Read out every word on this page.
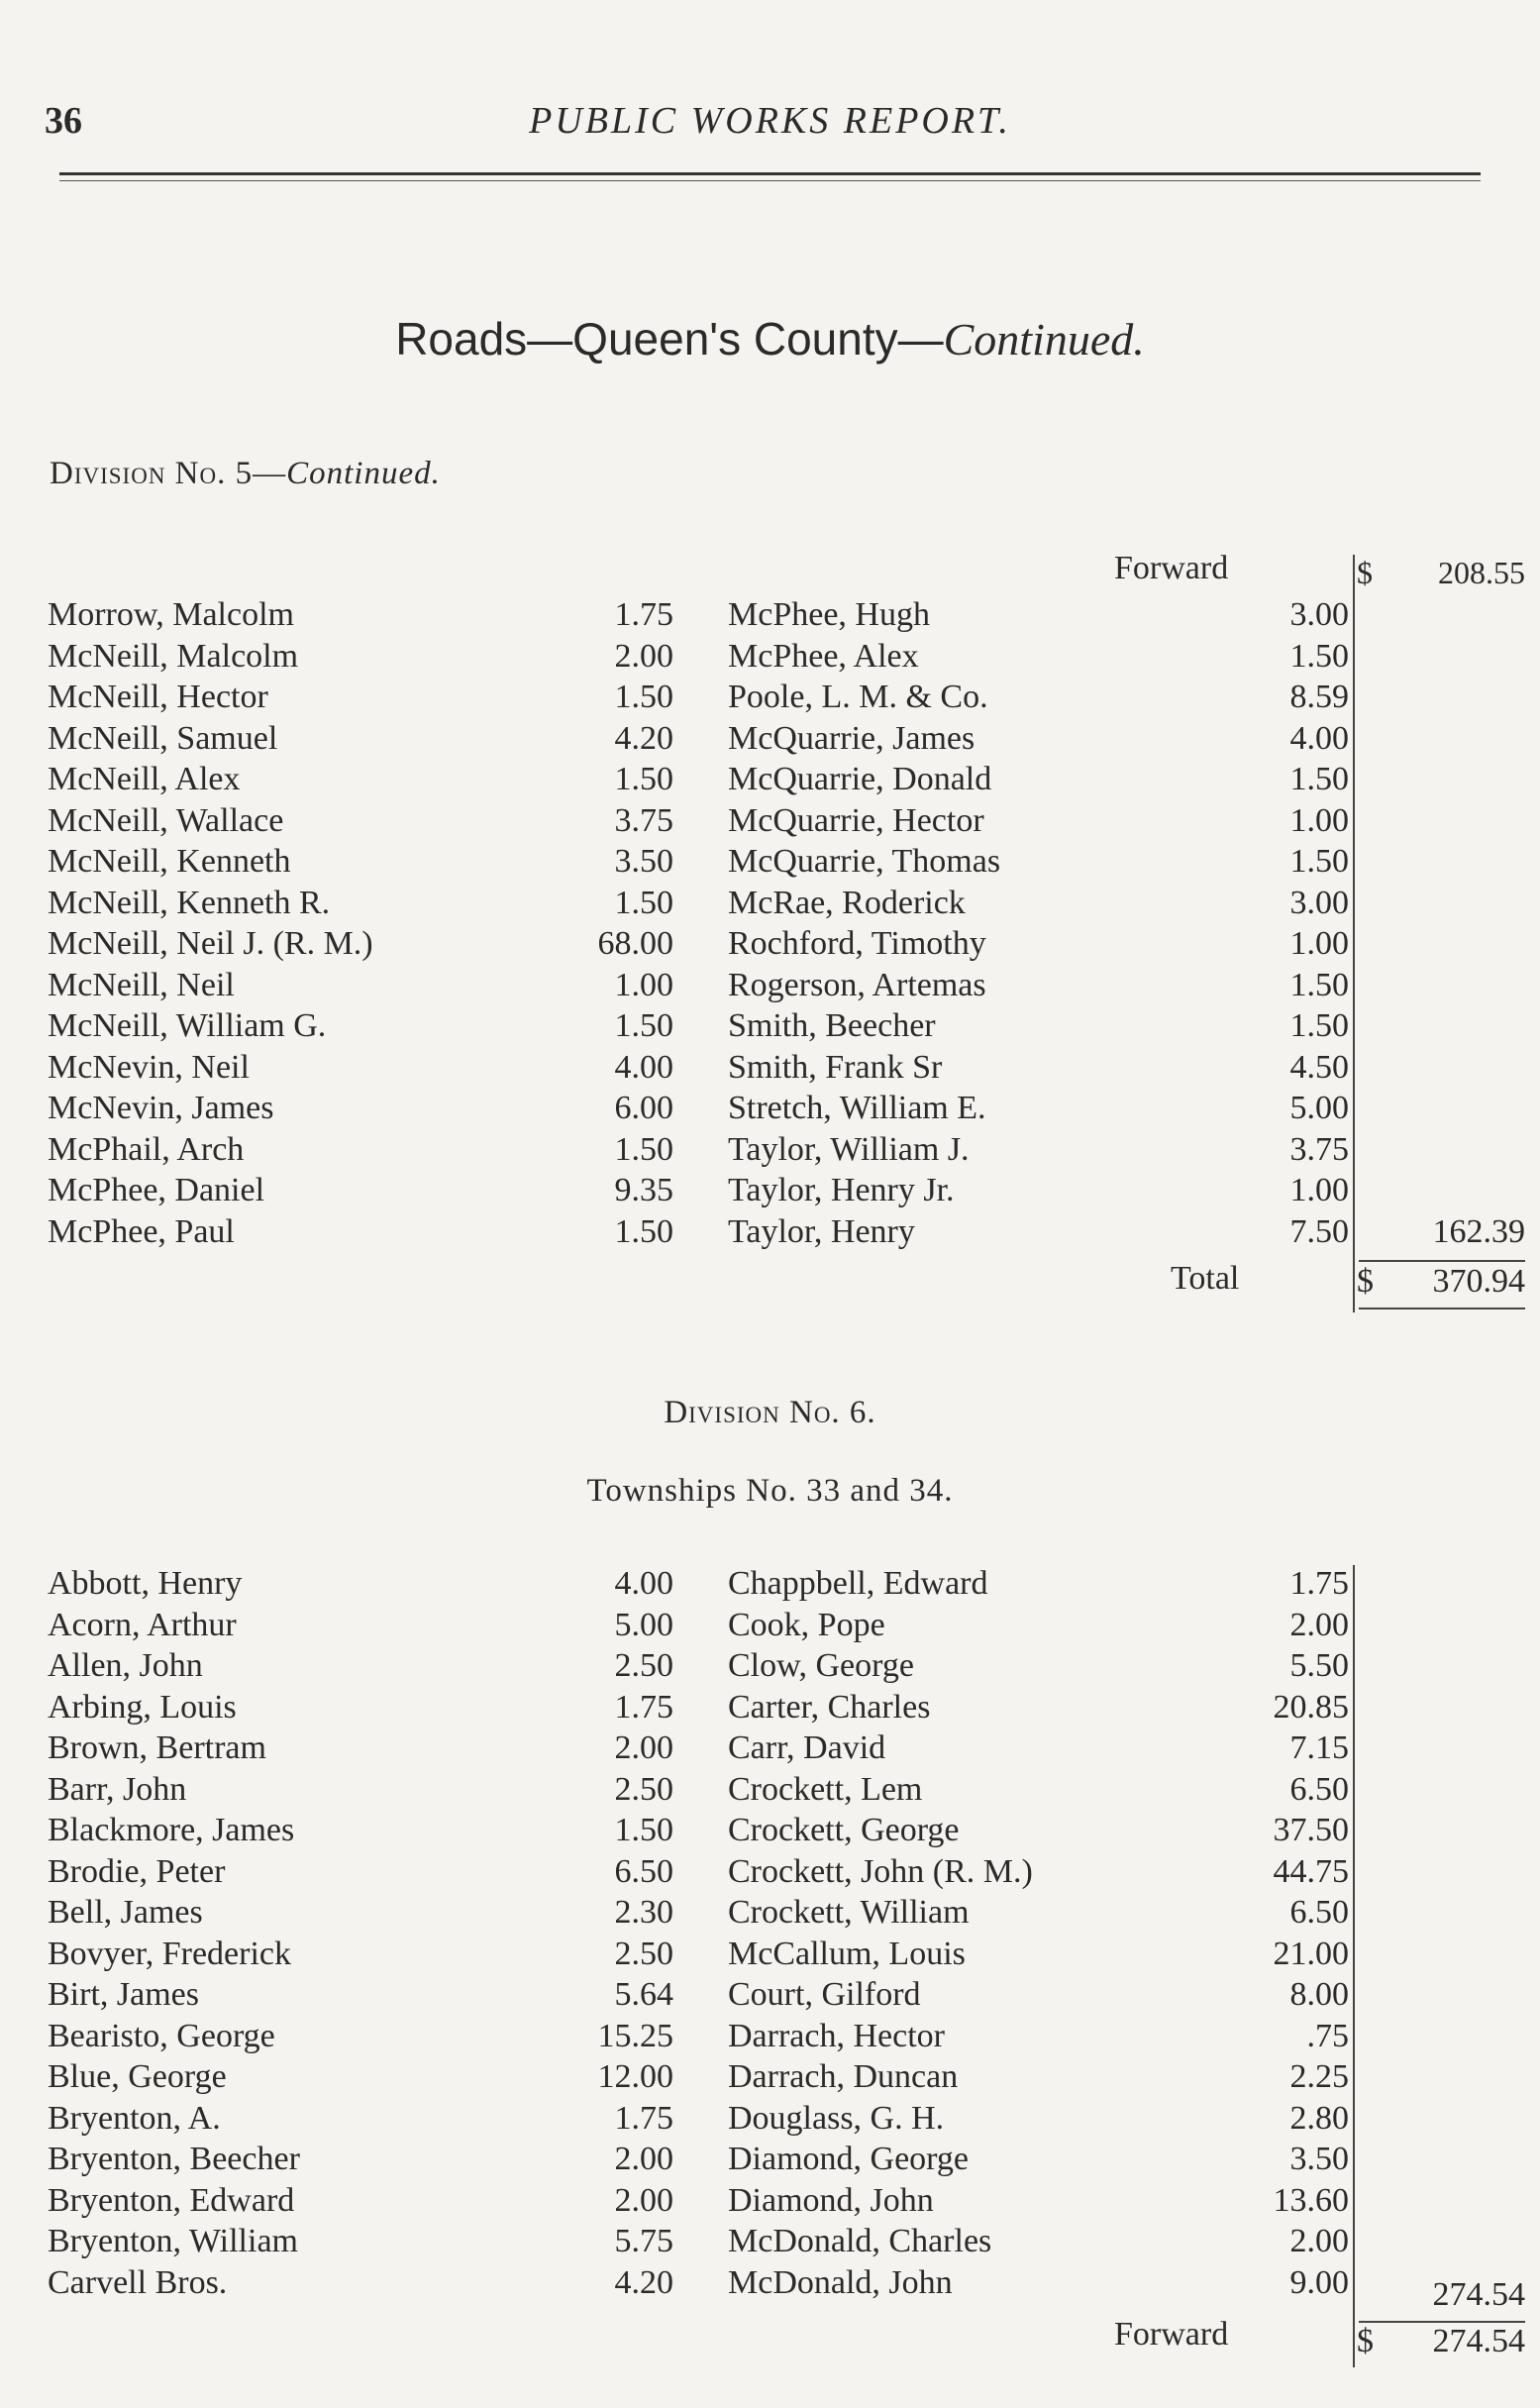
36	PUBLIC WORKS REPORT.
Roads—Queen's County—Continued.
Division No. 5—Continued.
Forward	$	208.55
Morrow, Malcolm	1.75 McPhee, Hugh	3.00
McNeill, Malcolm	2.00 McPhee, Alex	1.50
McNeill, Hector	1.50 Poole, L. M. & Co.	8.59
McNeill, Samuel	4.20 McQuarrie, James	4.00
McNeill, Alex	1.50 McQuarrie, Donald	1.50
McNeill, Wallace	3.75 McQuarrie, Hector	1.00
McNeill, Kenneth	3.50 McQuarrie, Thomas	1.50
McNeill, Kenneth R.	1.50 McRae, Roderick	3.00
McNeill, Neil J. (R. M.)	68.00 Rochford, Timothy	1.00
McNeill, Neil	1.00 Rogerson, Artemas	1.50
McNeill, William G.	1.50 Smith, Beecher	1.50
McNevin, Neil	4.00 Smith, Frank Sr	4.50
McNevin, James	6.00 Stretch, William E.	5.00
McPhail, Arch	1.50 Taylor, William J.	3.75
McPhee, Daniel	9.35 Taylor, Henry Jr.	1.00
McPhee, Paul	1.50 Taylor, Henry	7.50	162.39
Total	$	370.94
Division No. 6.
Townships No. 33 and 34.
Abbott, Henry	4.00 Chappbell, Edward	1.75
Acorn, Arthur	5.00 Cook, Pope	2.00
Allen, John	2.50 Clow, George	5.50
Arbing, Louis	1.75 Carter, Charles	20.85
Brown, Bertram	2.00 Carr, David	7.15
Barr, John	2.50 Crockett, Lem	6.50
Blackmore, James	1.50 Crockett, George	37.50
Brodie, Peter	6.50 Crockett, John (R. M.)	44.75
Bell, James	2.30 Crockett, William	6.50
Bovyer, Frederick	2.50 McCallum, Louis	21.00
Birt, James	5.64 Court, Gilford	8.00
Bearisto, George	15.25 Darrach, Hector	.75
Blue, George	12.00 Darrach, Duncan	2.25
Bryenton, A.	1.75 Douglass, G. H.	2.80
Bryenton, Beecher	2.00 Diamond, George	3.50
Bryenton, Edward	2.00 Diamond, John	13.60
Bryenton, William	5.75 McDonald, Charles	2.00
Carvell Bros.	4.20 McDonald, John	9.00	274.54
Forward	$	274.54
